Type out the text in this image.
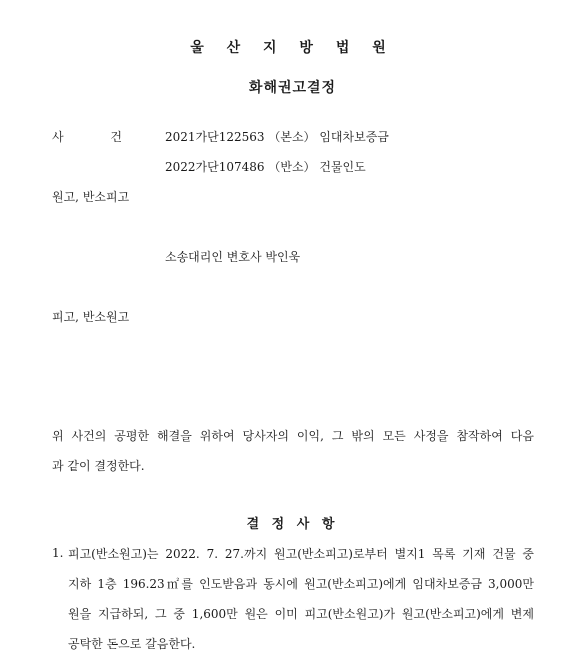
울 산 지 방 법 원
화해권고결정
사	건	2021가단122563 （본소） 임대차보증금
2022가단107486 （반소） 건물인도
원고, 반소피고
소송대리인 변호사 박인욱
피고, 반소원고
위 사건의 공평한 해결을 위하여 당사자의 이익, 그 밖의 모든 사정을 참작하여 다음
과 같이 결정한다.
결 정 사 항
1. 피고(반소원고)는 2022. 7. 27.까지 원고(반소피고)로부터 별지1 목록 기재 건물 중
지하 1층 196.23㎡를 인도받음과 동시에 원고(반소피고)에게 임대차보증금 3,000만
원을 지급하되, 그 중 1,600만 원은 이미 피고(반소원고)가 원고(반소피고)에게 변제
공탁한 돈으로 갈음한다.
